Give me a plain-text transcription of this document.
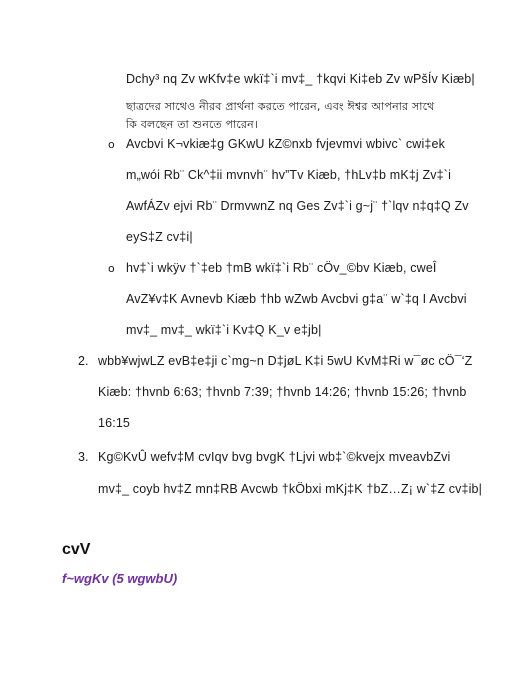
Dchy³ nq Zv wKfv‡e wkï‡`i mv‡_ †kqvi Ki‡eb Zv wPšÍv Kiæb|
ছাত্রদের সাথেও নীরব প্রার্থনা করতে পারেন, এবং ঈশ্বর আপনার সাথে
কি বলছেন তা শুনতে পারেন।
o Avcbvi K¬vkiæ‡g GKwU kZ©nxb fvjevmvi wbivc` cwi‡ek
m„wói Rb¨ Ck^‡ii mvnvh¨ hv”Tv Kiæb, †hLv‡b mK‡j Zv‡`i
AwfÁZv ejvi Rb¨ DrmvwnZ nq Ges Zv‡`i g~j¨ †`lqv n‡q‡Q Zv
eyS‡Z cv‡i|
o hv‡`i wkÿv †`‡eb †mB wkï‡`i Rb¨ cÖv_©bv Kiæb, cweÎ
AvZ¥v‡K Avnevb Kiæb †hb wZwb Avcbvi g‡a¨ w`‡q I Avcbvi
mv‡_ mv‡_ wkï‡`i Kv‡Q K_v e‡jb|
2. wbb¥wjwLZ evB‡e‡ji c`mg~n D‡jøL K‡i 5wU KvM‡Ri w¯øc cÖ¯‘Z
Kiæb: †hvnb 6:63; †hvnb 7:39; †hvnb 14:26; †hvnb 15:26; †hvnb
16:15
3. Kg©KvÛ wefv‡M cvIqv bvg bvgK †Ljvi wb‡`©kvejx mveavbZvi
mv‡_ coyb hv‡Z mn‡RB Avcwb †kÖbxi mKj‡K †bZ…Z¡ w`‡Z cv‡ib|
cvV
f~wgKv (5 wgwbU)
